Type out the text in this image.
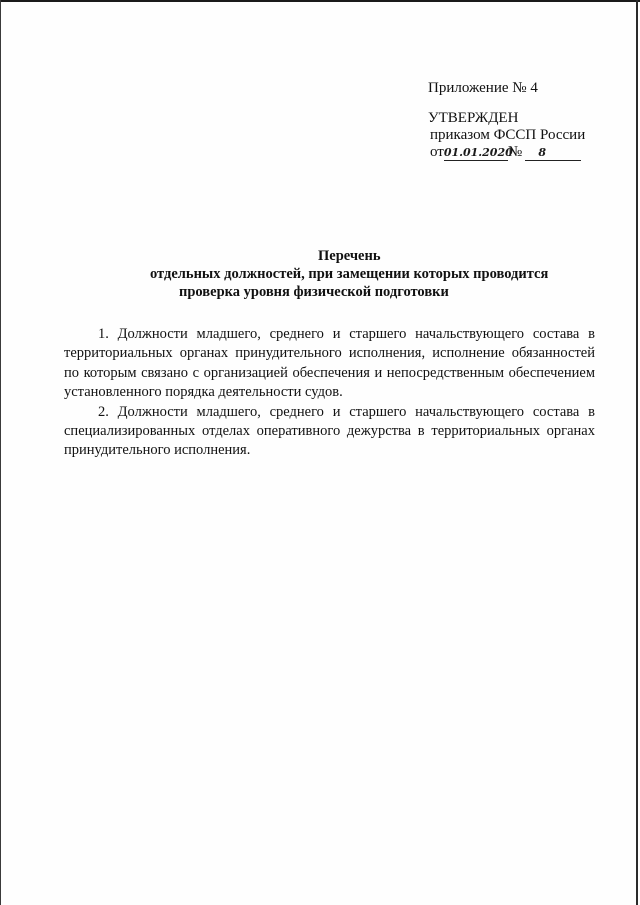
Приложение № 4
УТВЕРЖДЕН
приказом ФССП России
от01.01.2020№ 8
Перечень
отдельных должностей, при замещении которых проводится
проверка уровня физической подготовки

1. Должности младшего, среднего и старшего начальствующего состава в территориальных органах принудительного исполнения, исполнение обязанностей по которым связано с организацией обеспечения и непосредственным обеспечением установленного порядка деятельности судов.

2. Должности младшего, среднего и старшего начальствующего состава в специализированных отделах оперативного дежурства в территориальных органах принудительного исполнения.
